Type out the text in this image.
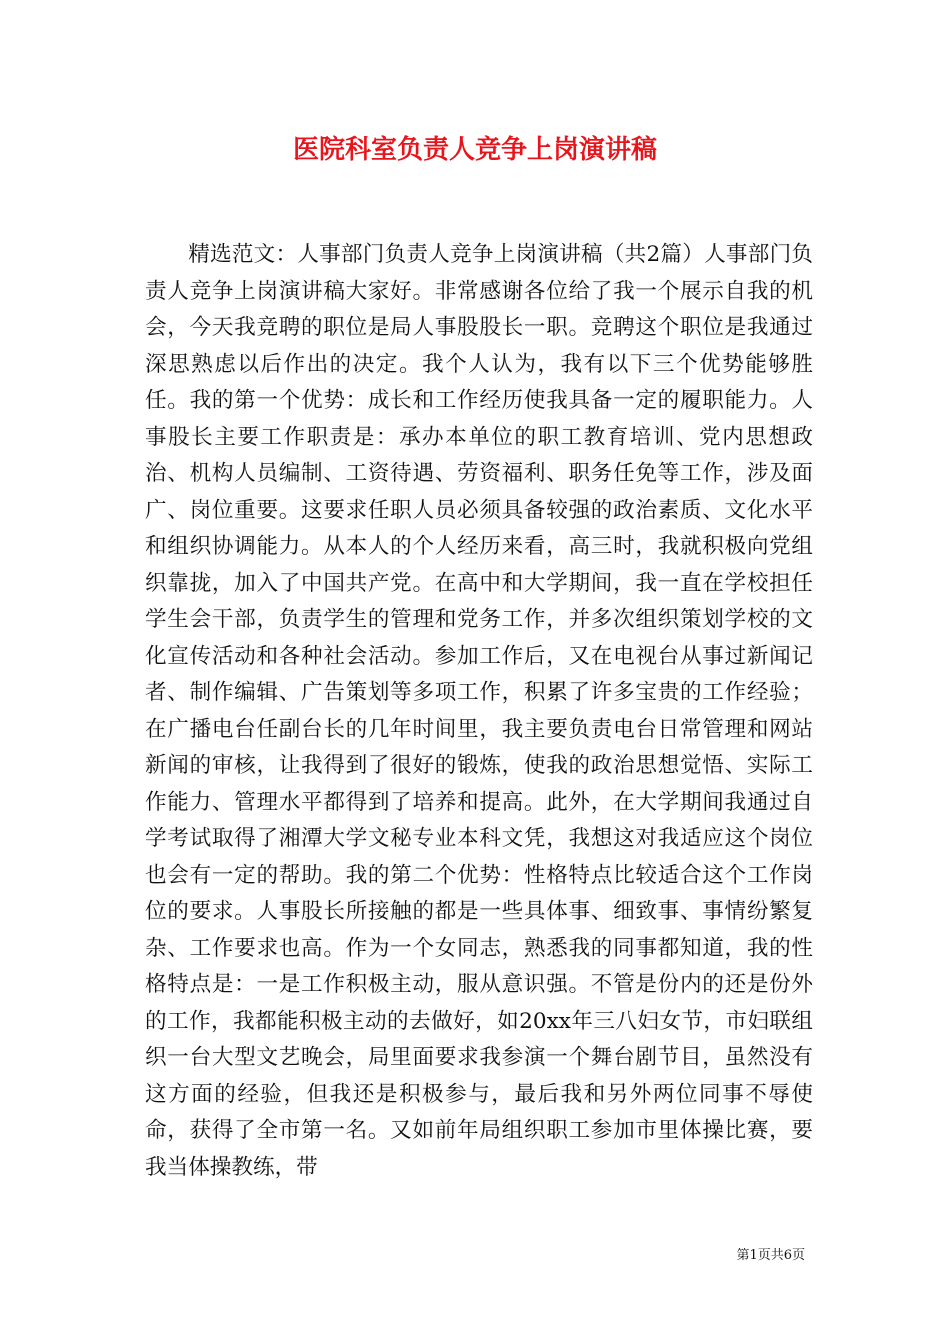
医院科室负责人竞争上岗演讲稿

精选范文：人事部门负责人竞争上岗演讲稿（共2篇）人事部门负责人竞争上岗演讲稿大家好。非常感谢各位给了我一个展示自我的机会，今天我竞聘的职位是局人事股股长一职。竞聘这个职位是我通过深思熟虑以后作出的决定。我个人认为，我有以下三个优势能够胜任。我的第一个优势：成长和工作经历使我具备一定的履职能力。人事股长主要工作职责是：承办本单位的职工教育培训、党内思想政治、机构人员编制、工资待遇、劳资福利、职务任免等工作，涉及面广、岗位重要。这要求任职人员必须具备较强的政治素质、文化水平和组织协调能力。从本人的个人经历来看，高三时，我就积极向党组织靠拢，加入了中国共产党。在高中和大学期间，我一直在学校担任学生会干部，负责学生的管理和党务工作，并多次组织策划学校的文化宣传活动和各种社会活动。参加工作后，又在电视台从事过新闻记者、制作编辑、广告策划等多项工作，积累了许多宝贵的工作经验；在广播电台任副台长的几年时间里，我主要负责电台日常管理和网站新闻的审核，让我得到了很好的锻炼，使我的政治思想觉悟、实际工作能力、管理水平都得到了培养和提高。此外，在大学期间我通过自学考试取得了湘潭大学文秘专业本科文凭，我想这对我适应这个岗位也会有一定的帮助。我的第二个优势：性格特点比较适合这个工作岗位的要求。人事股长所接触的都是一些具体事、细致事、事情纷繁复杂、工作要求也高。作为一个女同志，熟悉我的同事都知道，我的性格特点是：一是工作积极主动，服从意识强。不管是份内的还是份外的工作，我都能积极主动的去做好，如20xx年三八妇女节，市妇联组织一台大型文艺晚会，局里面要求我参演一个舞台剧节目，虽然没有这方面的经验，但我还是积极参与，最后我和另外两位同事不辱使命，获得了全市第一名。又如前年局组织职工参加市里体操比赛，要我当体操教练，带

第1页共6页
